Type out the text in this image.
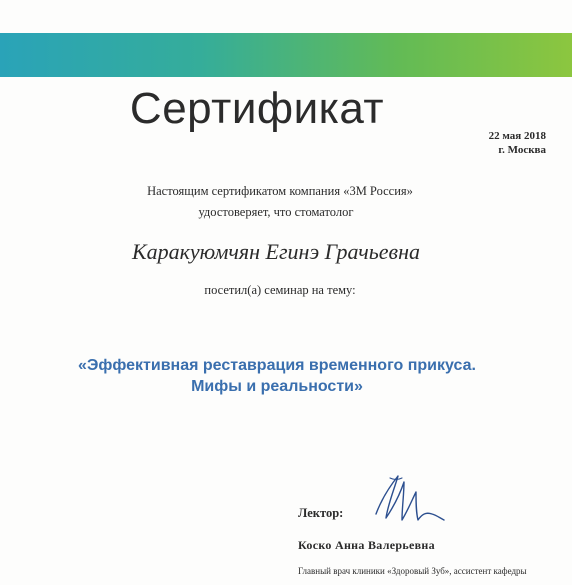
Сертификат
22 мая 2018
г. Москва
Настоящим сертификатом компания «3М Россия»
удостоверяет, что стоматолог
Каракуюмчян Егинэ Грачьевна
посетил(а) семинар на тему:
«Эффективная реставрация временного прикуса.
Мифы и реальности»
Лектор:
Коско Анна Валерьевна
Главный врач клиники «Здоровый Зуб», ассистент кафедры
